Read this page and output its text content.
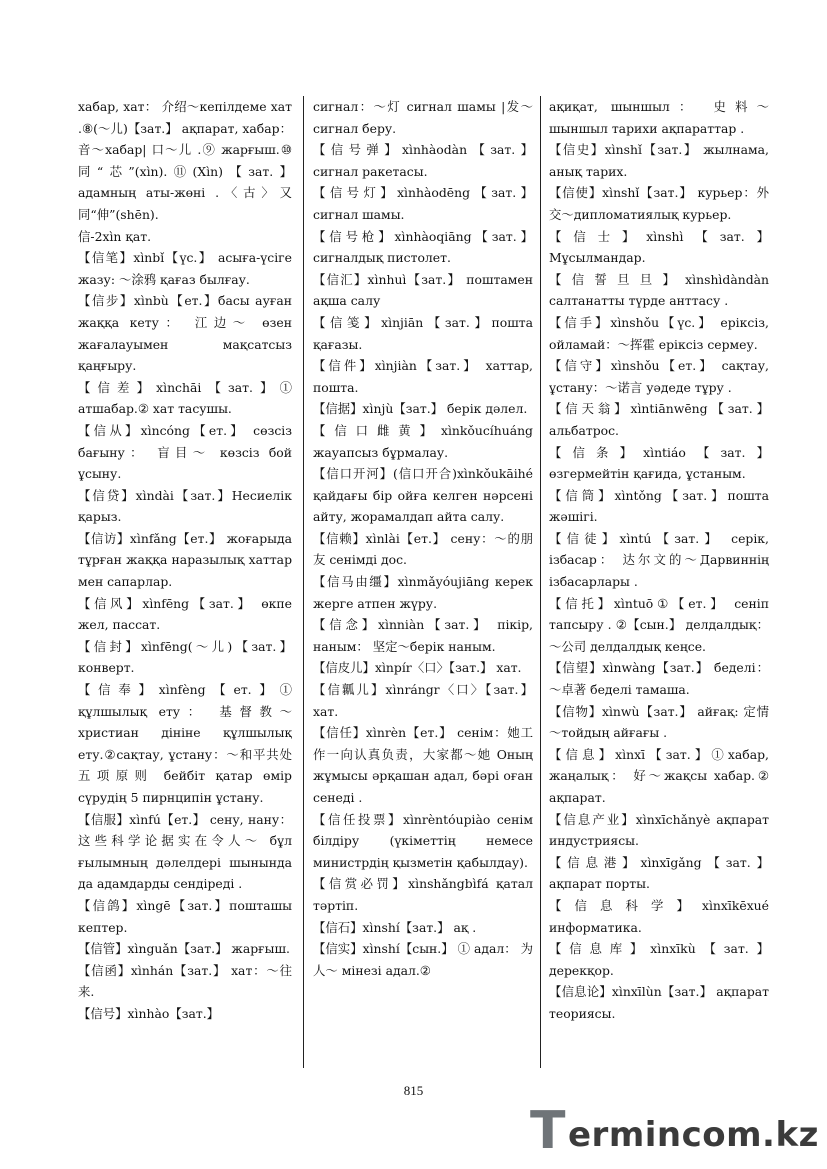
хабар, хат： 介绍～кепілдеме хат .⑧(～儿)【зат.】 ақпарат, хабар： 音～хабар| 口～儿 .⑨ жарғыш.⑩同“芯”(xìn).⑪(Xìn)【зат.】адамның аты-жөні .〈古〉又同“伸”(shēn).

信-2xìn қат.

【信笔】xìnbǐ【үс.】 асыға-үсігe жазу: ～涂鸦 қағаз былғау.

【信步】xìnbù【ет.】басы ауған жаққа кету： 江边～ өзен жағалауымен мақсатсыз қаңғыру.

【信差】xìnchāi【зат.】① атшабар.② хат тасушы.

【信从】xìncóng【ет.】 сөзсіз бағыну： 盲目～ көзсіз бой ұсыну.

【信贷】xìndài【зат.】Несиелік қарыз.

【信访】xìnfǎng【ет.】 жоғарыда тұрған жаққа наразылық хаттар мен сапарлар.

【信风】xìnfēng【зат.】 өкпе жел, пассат.

【信封】xìnfēng(～儿)【зат.】 конверт.

【信奉】xìnfèng【ет.】① құлшылық ету： 基督教～ христиан дініне құлшылық ету.②сақтау, ұстану：～和平共处五项原则 бейбіт қатар өмір сүрудің 5 пирнципін ұстану.

【信服】xìnfú【ет.】 сену, нану：这些科学论据实在令人～ бұл ғылымның дәлелдері шынында да адамдарды сендіреді .

【信鸽】xìngē【зат.】пошташы кептер.

【信管】xìnguǎn【зат.】 жарғыш.

【信函】xìnhán【зат.】 хат：～往来.

【信号】xìnhào【зат.】

сигнал：～灯 сигнал шамы |发～ сигнал беру.

【信号弹】xìnhàodàn【зат.】 сигнал ракетасы.

【信号灯】xìnhàodēng【зат.】 сигнал шамы.

【信号枪】xìnhàoqiāng【зат.】 сигналдық пистолет.

【信汇】xìnhuì【зат.】 поштамен ақша салу

【信笺】xìnjiān【зат.】пошта қағазы.

【信件】xìnjiàn【зат.】 хаттар, пошта.

【信据】xìnjù【зат.】 берік дәлел.

【信口雌黄】xìnkǒucíhuáng жауапсыз бұрмалау.

【信口开河】(信口开合)xìnkǒukāihé қайдағы бір ойға келген нәрсені айту, жорамалдап айта салу.

【信赖】xìnlài【ет.】 сену：～的朋友 сенімді дос.

【信马由缰】xìnmǎyóujiāng керек жерге атпен жүру.

【信念】xìnniàn【зат.】 пікір, наным： 坚定～берік наным.

【信皮儿】xìnpír〈口〉【зат.】 хат.

【信瓤儿】xìnrángr〈口〉【зат.】 хат.

【信任】xìnrèn【ет.】 сенім：她工作一向认真负责，大家都～她 Оның жұмысы әрқашан адал, бәрі оған сенеді .

【信任投票】xìnrèntóupiào сенім білдіру (үкіметтің немесе министрдің қызметін қабылдау).

【信赏必罚】xìnshǎngbìfá қатал тәртіп.

【信石】xìnshí【зат.】 ақ .

【信实】xìnshí【сын.】 ① адал： 为人～ мінезі адал.②

ақиқат, шыншыл： 史料～ шыншыл тарихи ақпараттар .

【信史】xìnshǐ【зат.】 жылнама, анық тарих.

【信使】xìnshǐ【зат.】 курьер：外交～дипломатиялық курьер.

【信士】xìnshì【зат.】 Мұсылмандар.

【信誓旦旦】xìnshìdàndàn салтанатты түрде анттасу .

【信手】xìnshǒu【үс.】 еріксіз, ойламай：～挥霍 еріксіз сермеу.

【信守】xìnshǒu【ет.】 сақтау, ұстану：～诺言 уәдеде тұру .

【信天翁】xìntiānwēng【зат.】 альбатрос.

【信条】xìntiáo【зат.】 өзгермейтін қағида, ұстаным.

【信筒】xìntǒng【зат.】пошта жәшігі.

【信徒】xìntú【зат.】 серік, ізбасар： 达尔文的～Дарвиннің ізбасарлары .

【信托】xìntuō①【ет.】 сеніп тапсыру . ②【сын.】 делдалдық： ～公司 делдалдық кеңсе.

【信望】xìnwàng【зат.】 беделі：～卓著 беделі тамаша.

【信物】xìnwù【зат.】 айғақ: 定情～тойдың айғағы .

【信息】xìnxī【зат.】①хабар, жаңалық： 好～жақсы хабар.② ақпарат.

【信息产业】xìnxīchǎnyè ақпарат индустриясы.

【信息港】xìnxīgǎng【зат.】 ақпарат порты.

【信息科学】xìnxīkēxué информатика.

【信息库】xìnxīkù【зат.】 дерекқор.

【信息论】xìnxīlùn【зат.】 ақпарат теориясы.

815
T ermincom.kz
